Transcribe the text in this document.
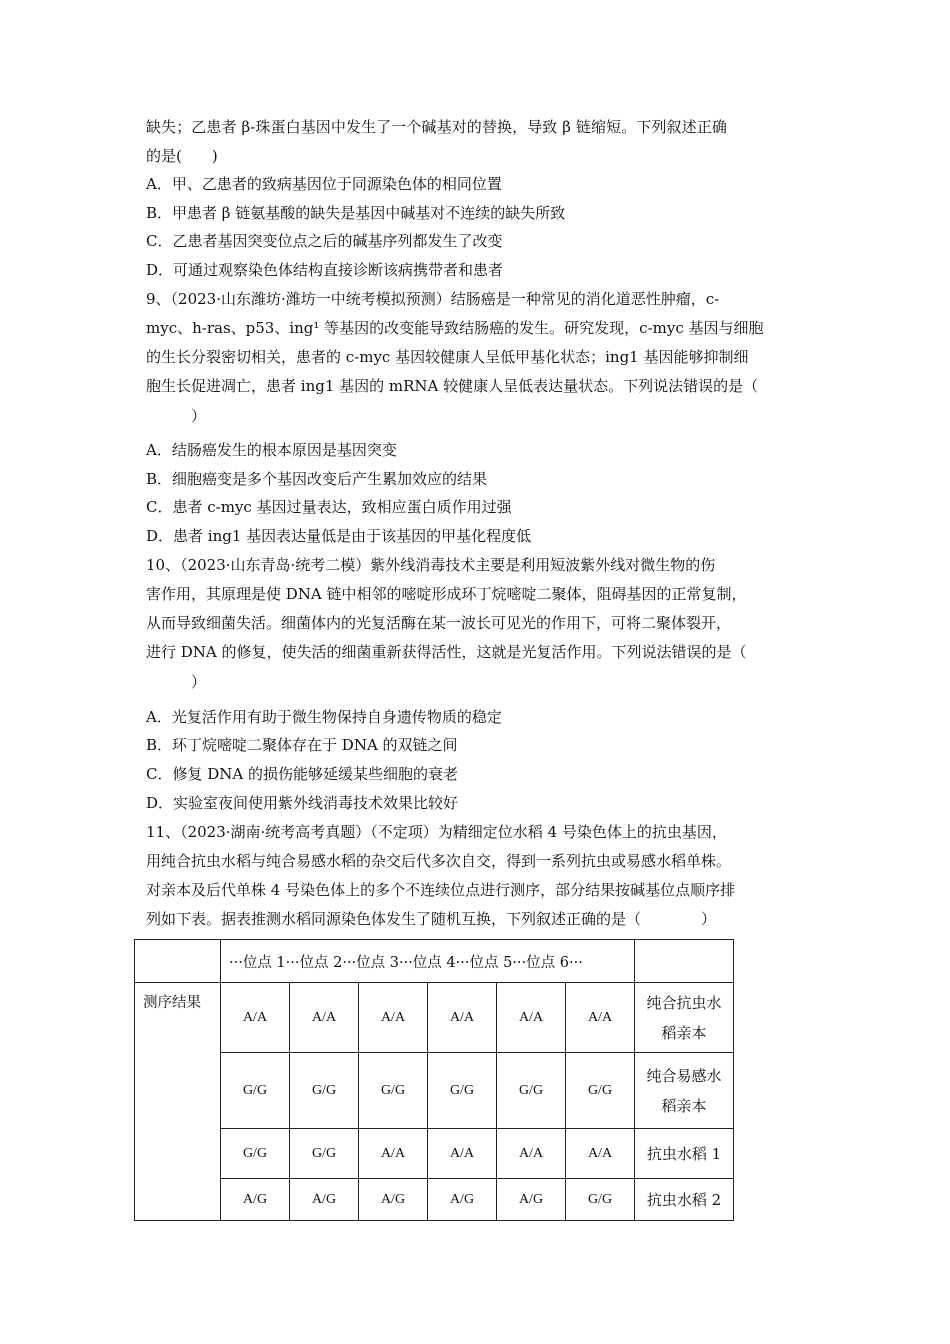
缺失；乙患者 β-珠蛋白基因中发生了一个碱基对的替换，导致 β 链缩短。下列叙述正确
的是(　　)
A．甲、乙患者的致病基因位于同源染色体的相同位置
B．甲患者 β 链氨基酸的缺失是基因中碱基对不连续的缺失所致
C．乙患者基因突变位点之后的碱基序列都发生了改变
D．可通过观察染色体结构直接诊断该病携带者和患者
9、（2023·山东潍坊·潍坊一中统考模拟预测）结肠癌是一种常见的消化道恶性肿瘤，c-
myc、h-ras、p53、ing¹ 等基因的改变能导致结肠癌的发生。研究发现，c-myc 基因与细胞
的生长分裂密切相关，患者的 c-myc 基因较健康人呈低甲基化状态；ing1 基因能够抑制细
胞生长促进凋亡，患者 ing1 基因的 mRNA 较健康人呈低表达量状态。下列说法错误的是（
　　　）
A．结肠癌发生的根本原因是基因突变
B．细胞癌变是多个基因改变后产生累加效应的结果
C．患者 c-myc 基因过量表达，致相应蛋白质作用过强
D．患者 ing1 基因表达量低是由于该基因的甲基化程度低
10、（2023·山东青岛·统考二模）紫外线消毒技术主要是利用短波紫外线对微生物的伤
害作用，其原理是使 DNA 链中相邻的嘧啶形成环丁烷嘧啶二聚体，阻碍基因的正常复制，
从而导致细菌失活。细菌体内的光复活酶在某一波长可见光的作用下，可将二聚体裂开，
进行 DNA 的修复，使失活的细菌重新获得活性，这就是光复活作用。下列说法错误的是（
　　　）
A．光复活作用有助于微生物保持自身遗传物质的稳定
B．环丁烷嘧啶二聚体存在于 DNA 的双链之间
C．修复 DNA 的损伤能够延缓某些细胞的衰老
D．实验室夜间使用紫外线消毒技术效果比较好
11、（2023·湖南·统考高考真题）（不定项）为精细定位水稻 4 号染色体上的抗虫基因，
用纯合抗虫水稻与纯合易感水稻的杂交后代多次自交，得到一系列抗虫或易感水稻单株。
对亲本及后代单株 4 号染色体上的多个不连续位点进行测序，部分结果按碱基位点顺序排
列如下表。据表推测水稻同源染色体发生了随机互换，下列叙述正确的是（　　　　）
	···位点 1···位点 2···位点 3···位点 4···位点 5···位点 6···						
测序结果	A/A	A/A	A/A	A/A	A/A	A/A	纯合抗虫水稻亲本
	G/G	G/G	G/G	G/G	G/G	G/G	纯合易感水稻亲本
	G/G	G/G	A/A	A/A	A/A	A/A	抗虫水稻 1
	A/G	A/G	A/G	A/G	A/G	G/G	抗虫水稻 2
